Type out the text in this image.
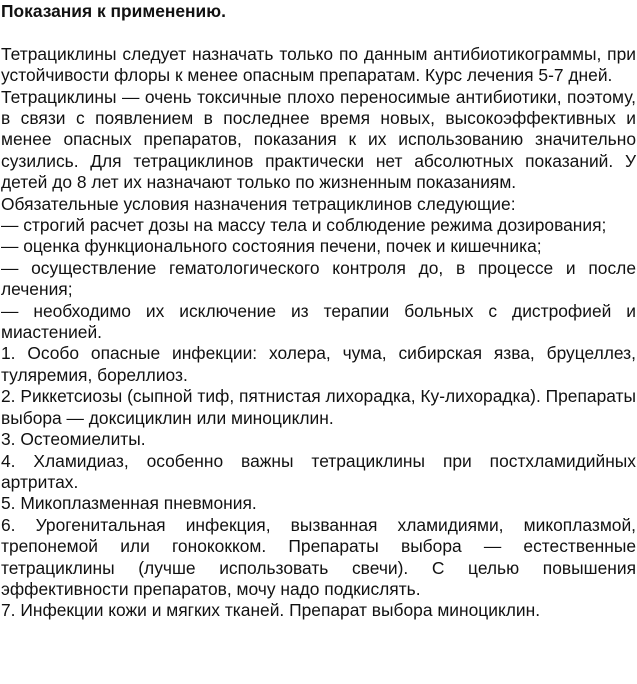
Показания к применению.

Тетрациклины следует назначать только по данным антибиотикограммы, при устойчивости флоры к менее опасным препаратам. Курс лечения 5-7 дней.

Тетрациклины — очень токсичные плохо переносимые антибиотики, поэтому, в связи с появлением в последнее время новых, высокоэффективных и менее опасных препаратов, показания к их использованию значительно сузились. Для тетрациклинов практически нет абсолютных показаний. У детей до 8 лет их назначают только по жизненным показаниям.

Обязательные условия назначения тетрациклинов следующие:

— строгий расчет дозы на массу тела и соблюдение режима дозирования;

— оценка функционального состояния печени, почек и кишечника;

— осуществление гематологического контроля до, в процессе и после лечения;

— необходимо их исключение из терапии больных с дистрофией и миастенией.

1. Особо опасные инфекции: холера, чума, сибирская язва, бруцеллез, туляремия, бореллиоз.

2. Риккетсиозы (сыпной тиф, пятнистая лихорадка, Ку-лихорадка). Препараты выбора — доксициклин или миноциклин.

3. Остеомиелиты.

4. Хламидиаз, особенно важны тетрациклины при постхламидийных артритах.

5. Микоплазменная пневмония.

6. Урогенитальная инфекция, вызванная хламидиями, микоплазмой, трепонемой или гонококком. Препараты выбора — естественные тетрациклины (лучше использовать свечи). С целью повышения эффективности препаратов, мочу надо подкислять.

7. Инфекции кожи и мягких тканей. Препарат выбора миноциклин.
